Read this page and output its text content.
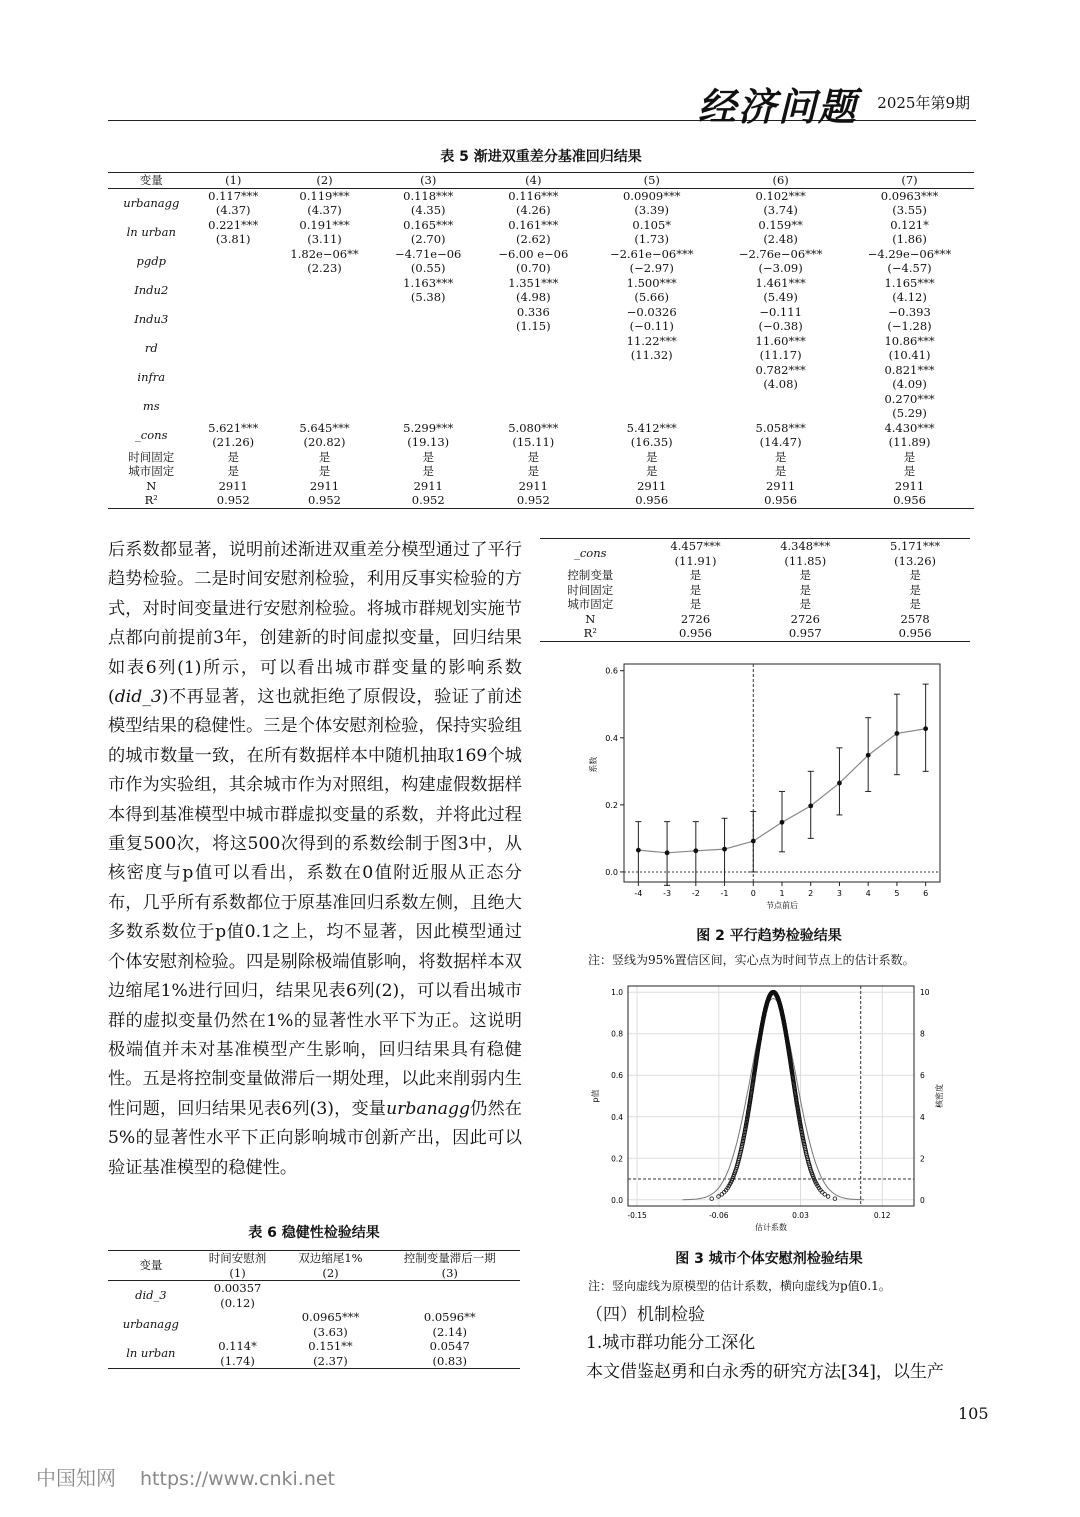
经济问题 2025年第9期
表 5 渐进双重差分基准回归结果
变量	(1)	(2)	(3)	(4)	(5)	(6)	(7)
urbanagg	0.117***	0.119***	0.118***	0.116***	0.0909***	0.102***	0.0963***
	(4.37)	(4.37)	(4.35)	(4.26)	(3.39)	(3.74)	(3.55)
ln urban	0.221***	0.191***	0.165***	0.161***	0.105*	0.159**	0.121*
	(3.81)	(3.11)	(2.70)	(2.62)	(1.73)	(2.48)	(1.86)
pgdp		1.82e−06**	−4.71e−06	−6.00 e−06	−2.61e−06***	−2.76e−06***	−4.29e−06***
		(2.23)	(0.55)	(0.70)	(−2.97)	(−3.09)	(−4.57)
Indu2			1.163***	1.351***	1.500***	1.461***	1.165***
			(5.38)	(4.98)	(5.66)	(5.49)	(4.12)
Indu3				0.336	−0.0326	−0.111	−0.393
				(1.15)	(−0.11)	(−0.38)	(−1.28)
rd					11.22***	11.60***	10.86***
					(11.32)	(11.17)	(10.41)
infra						0.782***	0.821***
						(4.08)	(4.09)
ms							0.270***
							(5.29)
_cons	5.621***	5.645***	5.299***	5.080***	5.412***	5.058***	4.430***
	(21.26)	(20.82)	(19.13)	(15.11)	(16.35)	(14.47)	(11.89)
时间固定	是	是	是	是	是	是	是
城市固定	是	是	是	是	是	是	是
N	2911	2911	2911	2911	2911	2911	2911
R²	0.952	0.952	0.952	0.952	0.956	0.956	0.956
后系数都显著，说明前述渐进双重差分模型通过了平行趋势检验。二是时间安慰剂检验，利用反事实检验的方式，对时间变量进行安慰剂检验。将城市群规划实施节点都向前提前3年，创建新的时间虚拟变量，回归结果如表6列(1)所示，可以看出城市群变量的影响系数(did_3)不再显著，这也就拒绝了原假设，验证了前述模型结果的稳健性。三是个体安慰剂检验，保持实验组的城市数量一致，在所有数据样本中随机抽取169个城市作为实验组，其余城市作为对照组，构建虚假数据样本得到基准模型中城市群虚拟变量的系数，并将此过程重复500次，将这500次得到的系数绘制于图3中，从核密度与p值可以看出，系数在0值附近服从正态分布，几乎所有系数都位于原基准回归系数左侧，且绝大多数系数位于p值0.1之上，均不显著，因此模型通过个体安慰剂检验。四是剔除极端值影响，将数据样本双边缩尾1%进行回归，结果见表6列(2)，可以看出城市群的虚拟变量仍然在1%的显著性水平下为正。这说明极端值并未对基准模型产生影响，回归结果具有稳健性。五是将控制变量做滞后一期处理，以此来削弱内生性问题，回归结果见表6列(3)，变量urbanagg仍然在5%的显著性水平下正向影响城市创新产出，因此可以验证基准模型的稳健性。
表 6 稳健性检验结果
变量	时间安慰剂	双边缩尾1%	控制变量滞后一期
	(1)	(2)	(3)
did_3	0.00357		
	(0.12)		
urbanagg		0.0965***	0.0596**
		(3.63)	(2.14)
ln urban	0.114*	0.151**	0.0547
	(1.74)	(2.37)	(0.83)
_cons	4.457***	4.348***	5.171***
	(11.91)	(11.85)	(13.26)
控制变量	是	是	是
时间固定	是	是	是
城市固定	是	是	是
N	2726	2726	2578
R²	0.956	0.957	0.956
0.0
0.2
0.4
0.6
-4	-3	-2	-1	0	1	2	3	4	5	6
节点前后
系数
图 2 平行趋势检验结果
注：竖线为95%置信区间，实心点为时间节点上的估计系数。
0.0
0.2
0.4
0.6
0.8
1.0
0
2
4
6
8
10
-0.15	-0.06	0.03	0.12
估计系数
p值	核密度
图 3 城市个体安慰剂检验结果
注：竖向虚线为原模型的估计系数，横向虚线为p值0.1。
（四）机制检验
1.城市群功能分工深化
本文借鉴赵勇和白永秀的研究方法[34]，以生产
105
中国知网 https://www.cnki.net
